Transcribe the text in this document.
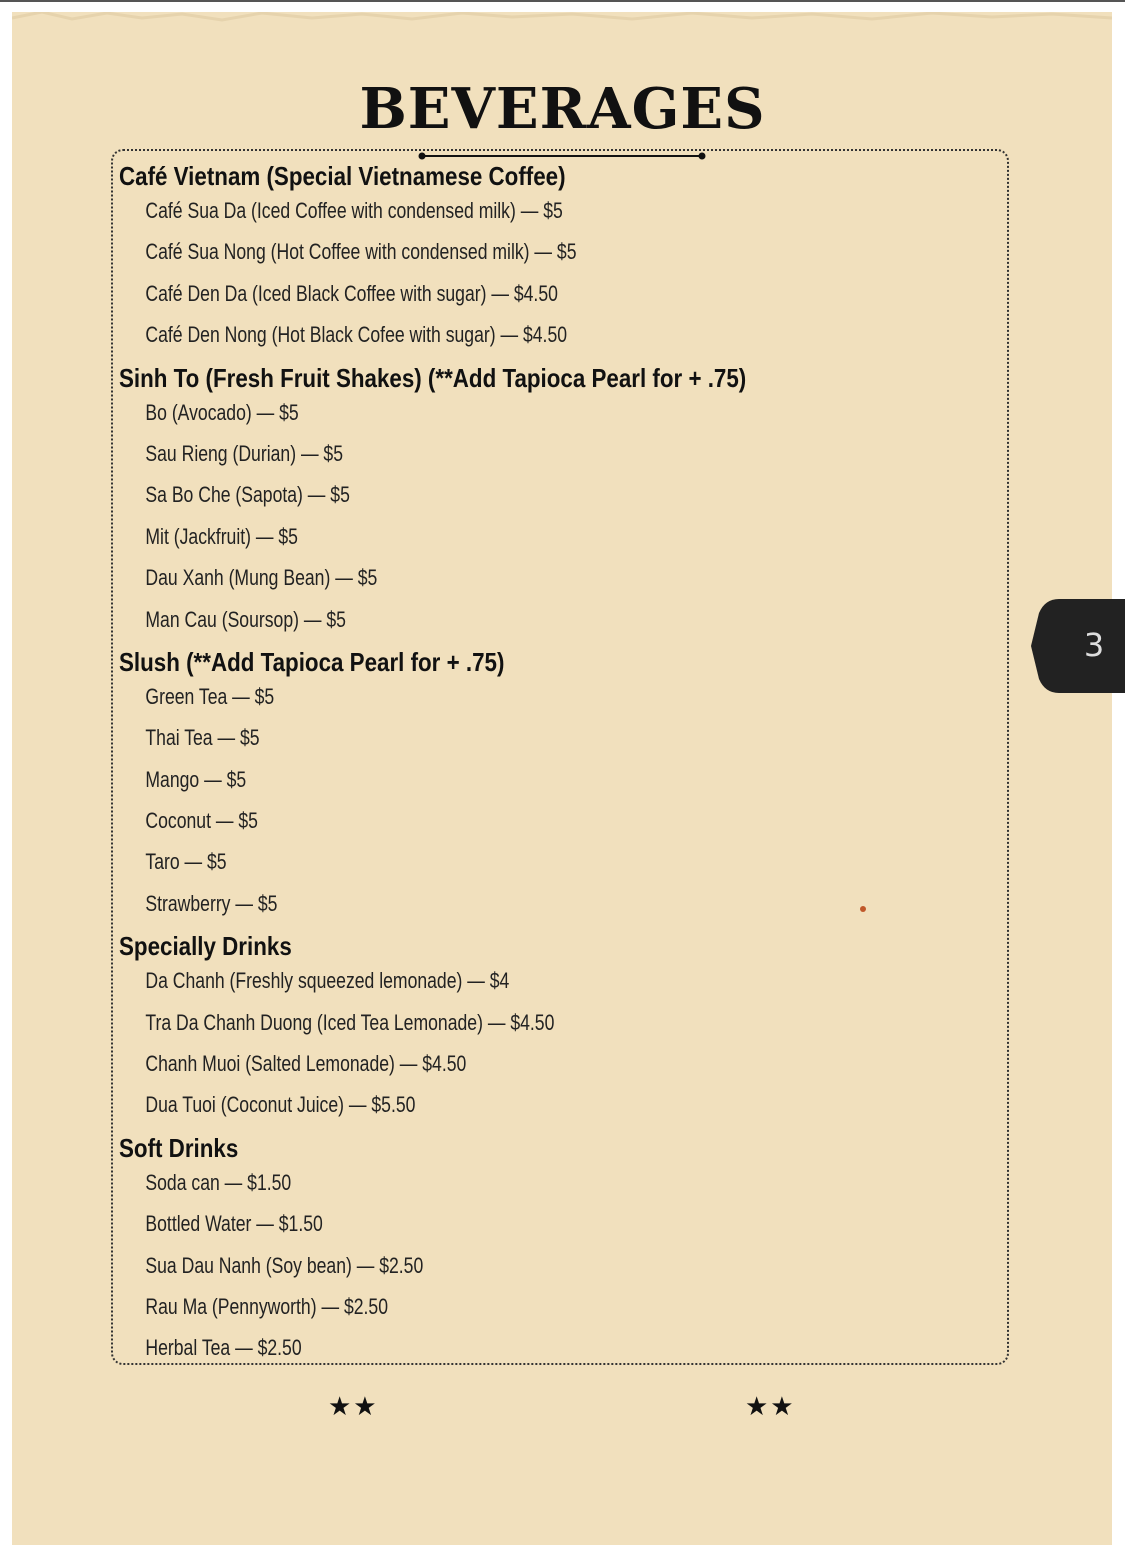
BEVERAGES
Café Vietnam (Special Vietnamese Coffee)
Café Sua Da (Iced Coffee with condensed milk) — $5
Café Sua Nong (Hot Coffee with condensed milk) — $5
Café Den Da (Iced Black Coffee with sugar) — $4.50
Café Den Nong (Hot Black Cofee with sugar) — $4.50
Sinh To (Fresh Fruit Shakes) (**Add Tapioca Pearl for + .75)
Bo (Avocado) — $5
Sau Rieng (Durian) — $5
Sa Bo Che (Sapota) — $5
Mit (Jackfruit) — $5
Dau Xanh (Mung Bean) — $5
Man Cau (Soursop) — $5
Slush (**Add Tapioca Pearl for + .75)
Green Tea — $5
Thai Tea — $5
Mango — $5
Coconut — $5
Taro — $5
Strawberry — $5
Specially Drinks
Da Chanh (Freshly squeezed lemonade) — $4
Tra Da Chanh Duong (Iced Tea Lemonade) — $4.50
Chanh Muoi (Salted Lemonade) — $4.50
Dua Tuoi (Coconut Juice) — $5.50
Soft Drinks
Soda can — $1.50
Bottled Water — $1.50
Sua Dau Nanh (Soy bean) — $2.50
Rau Ma (Pennyworth) — $2.50
Herbal Tea — $2.50
★★	★★
3
